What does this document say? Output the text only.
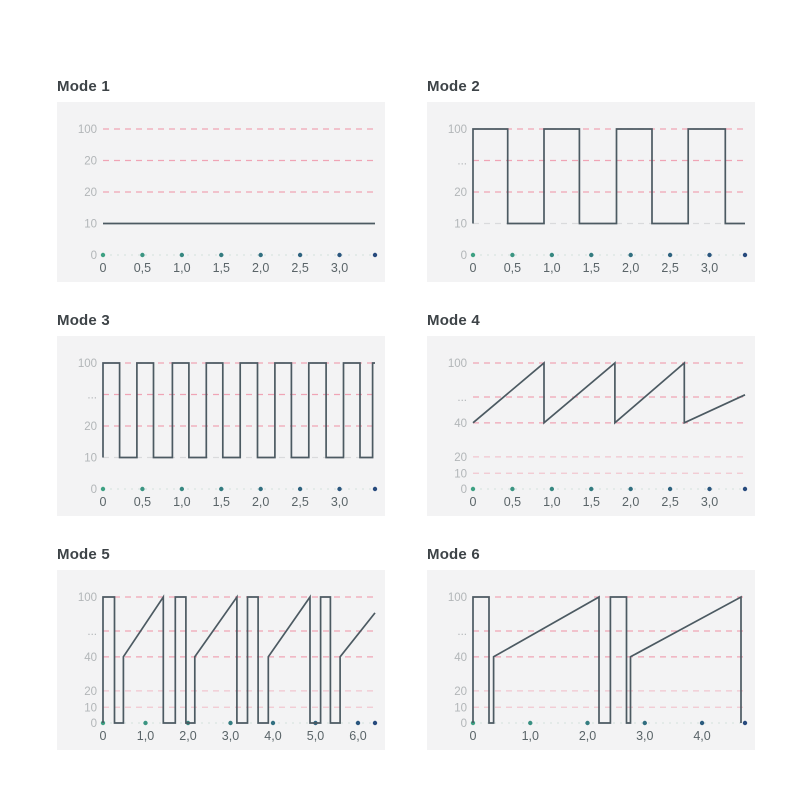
Mode 1
100
20
20
10
0
0 0,5 1,0 1,5 2,0 2,5 3,0
Mode 2
100
...
20
10
0
0 0,5 1,0 1,5 2,0 2,5 3,0
Mode 3
100
...
20
10
0
0 0,5 1,0 1,5 2,0 2,5 3,0
Mode 4
100
...
40
20
10
0
0 0,5 1,0 1,5 2,0 2,5 3,0
Mode 5
100
...
40
20
10
0
0 1,0 2,0 3,0 4,0 5,0 6,0
Mode 6
100
...
40
20
10
0
0	1,0	2,0	3,0	4,0
